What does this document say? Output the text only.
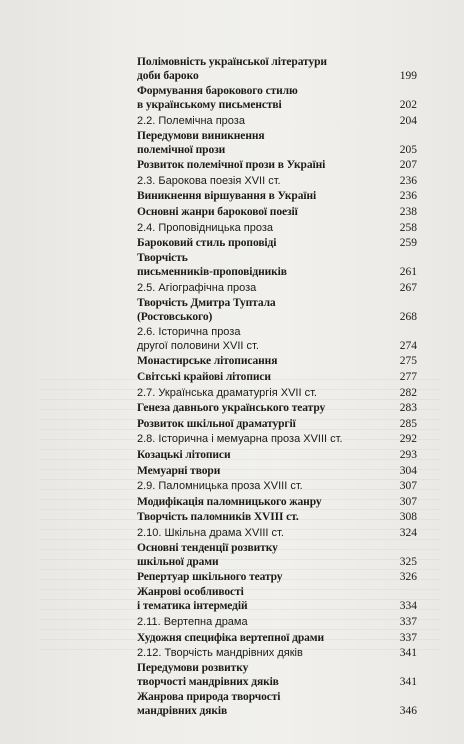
Полімовність української літератури
доби бароко	199
Формування барокового стилю
в українському письменстві	202
2.2. Полемічна проза	204
Передумови виникнення
полемічної прози	205
Розвиток полемічної прози в Україні	207
2.3. Барокова поезія XVII ст.	236
Виникнення віршування в Україні	236
Основні жанри барокової поезії	238
2.4. Проповідницька проза	258
Бароковий стиль проповіді	259
Творчість
письменників-проповідників	261
2.5. Агіографічна проза	267
Творчість Дмитра Туптала
(Ростовського)	268
2.6. Історична проза
другої половини XVII ст.	274
Монастирське літописання	275
Світські крайові літописи	277
2.7. Українська драматургія XVII ст.	282
Генеза давнього українського театру	283
Розвиток шкільної драматургії	285
2.8. Історична і мемуарна проза XVIII ст.	292
Козацькі літописи	293
Мемуарні твори	304
2.9. Паломницька проза XVIII ст.	307
Модифікація паломницького жанру	307
Творчість паломників XVIII ст.	308
2.10. Шкільна драма XVIII ст.	324
Основні тенденції розвитку
шкільної драми	325
Репертуар шкільного театру	326
Жанрові особливості
і тематика інтермедій	334
2.11. Вертепна драма	337
Художня специфіка вертепної драми	337
2.12. Творчість мандрівних дяків	341
Передумови розвитку
творчості мандрівних дяків	341
Жанрова природа творчості
мандрівних дяків	346
